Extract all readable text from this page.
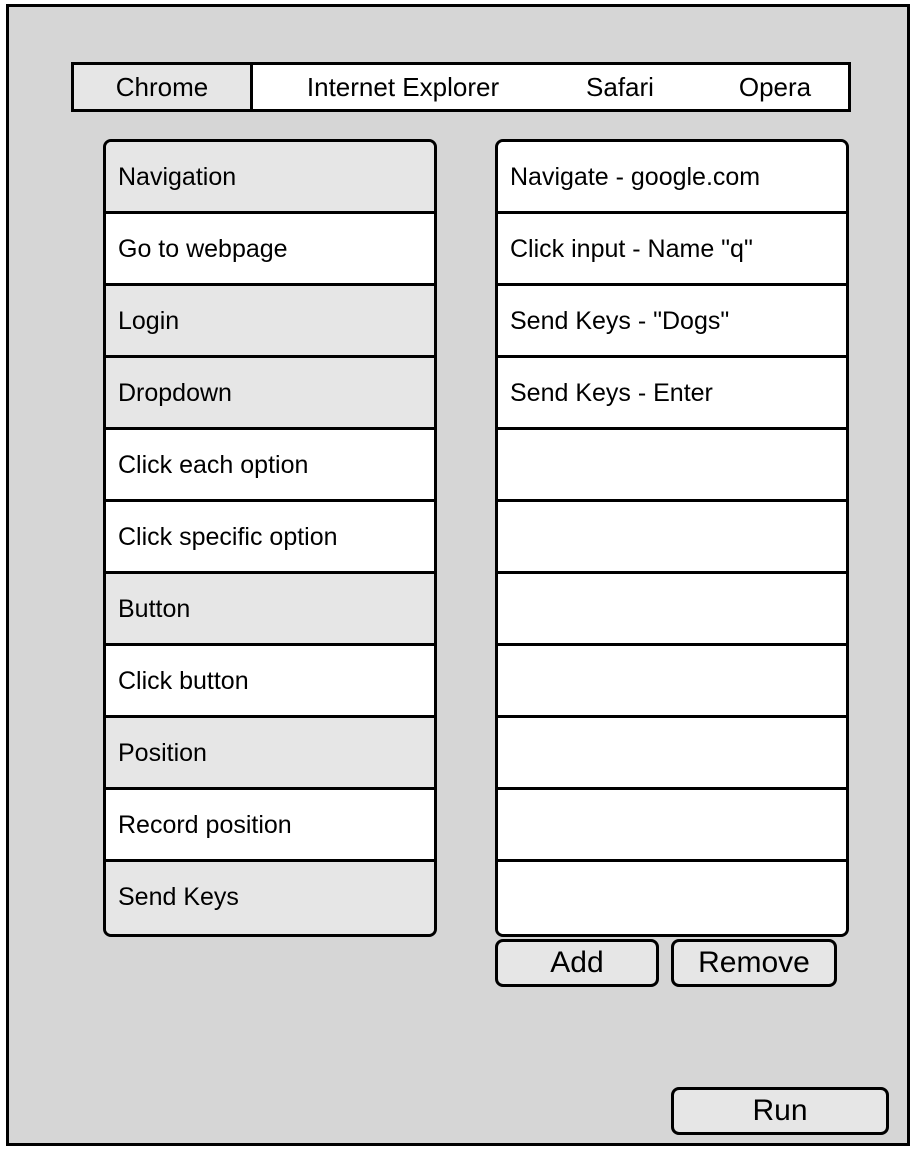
Chrome	Internet Explorer	Safari	Opera
Navigation
Go to webpage
Login
Dropdown
Click each option
Click specific option
Button
Click button
Position
Record position
Send Keys
Navigate - google.com
Click input - Name "q"
Send Keys - "Dogs"
Send Keys - Enter
Add	Remove
Run
